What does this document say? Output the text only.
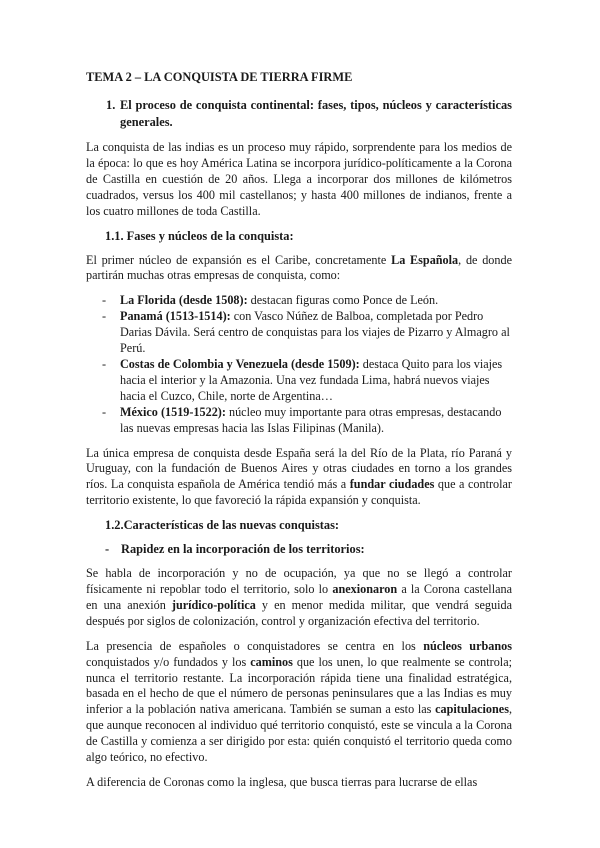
TEMA 2 – LA CONQUISTA DE TIERRA FIRME
1. El proceso de conquista continental: fases, tipos, núcleos y características generales.

La conquista de las indias es un proceso muy rápido, sorprendente para los medios de la época: lo que es hoy América Latina se incorpora jurídico-políticamente a la Corona de Castilla en cuestión de 20 años. Llega a incorporar dos millones de kilómetros cuadrados, versus los 400 mil castellanos; y hasta 400 millones de indianos, frente a los cuatro millones de toda Castilla.

1.1. Fases y núcleos de la conquista:

El primer núcleo de expansión es el Caribe, concretamente La Española, de donde partirán muchas otras empresas de conquista, como:

-	La Florida (desde 1508): destacan figuras como Ponce de León.
-	Panamá (1513-1514): con Vasco Núñez de Balboa, completada por Pedro Darias Dávila. Será centro de conquistas para los viajes de Pizarro y Almagro al Perú.
-	Costas de Colombia y Venezuela (desde 1509): destaca Quito para los viajes hacia el interior y la Amazonia. Una vez fundada Lima, habrá nuevos viajes hacia el Cuzco, Chile, norte de Argentina…
-	México (1519-1522): núcleo muy importante para otras empresas, destacando las nuevas empresas hacia las Islas Filipinas (Manila).

La única empresa de conquista desde España será la del Río de la Plata, río Paraná y Uruguay, con la fundación de Buenos Aires y otras ciudades en torno a los grandes ríos. La conquista española de América tendió más a fundar ciudades que a controlar territorio existente, lo que favoreció la rápida expansión y conquista.

1.2.Características de las nuevas conquistas:
- Rapidez en la incorporación de los territorios:

Se habla de incorporación y no de ocupación, ya que no se llegó a controlar físicamente ni repoblar todo el territorio, solo lo anexionaron a la Corona castellana en una anexión jurídico-política y en menor medida militar, que vendrá seguida después por siglos de colonización, control y organización efectiva del territorio.

La presencia de españoles o conquistadores se centra en los núcleos urbanos conquistados y/o fundados y los caminos que los unen, lo que realmente se controla; nunca el territorio restante. La incorporación rápida tiene una finalidad estratégica, basada en el hecho de que el número de personas peninsulares que a las Indias es muy inferior a la población nativa americana. También se suman a esto las capitulaciones, que aunque reconocen al individuo qué territorio conquistó, este se vincula a la Corona de Castilla y comienza a ser dirigido por esta: quién conquistó el territorio queda como algo teórico, no efectivo.

A diferencia de Coronas como la inglesa, que busca tierras para lucrarse de ellas
